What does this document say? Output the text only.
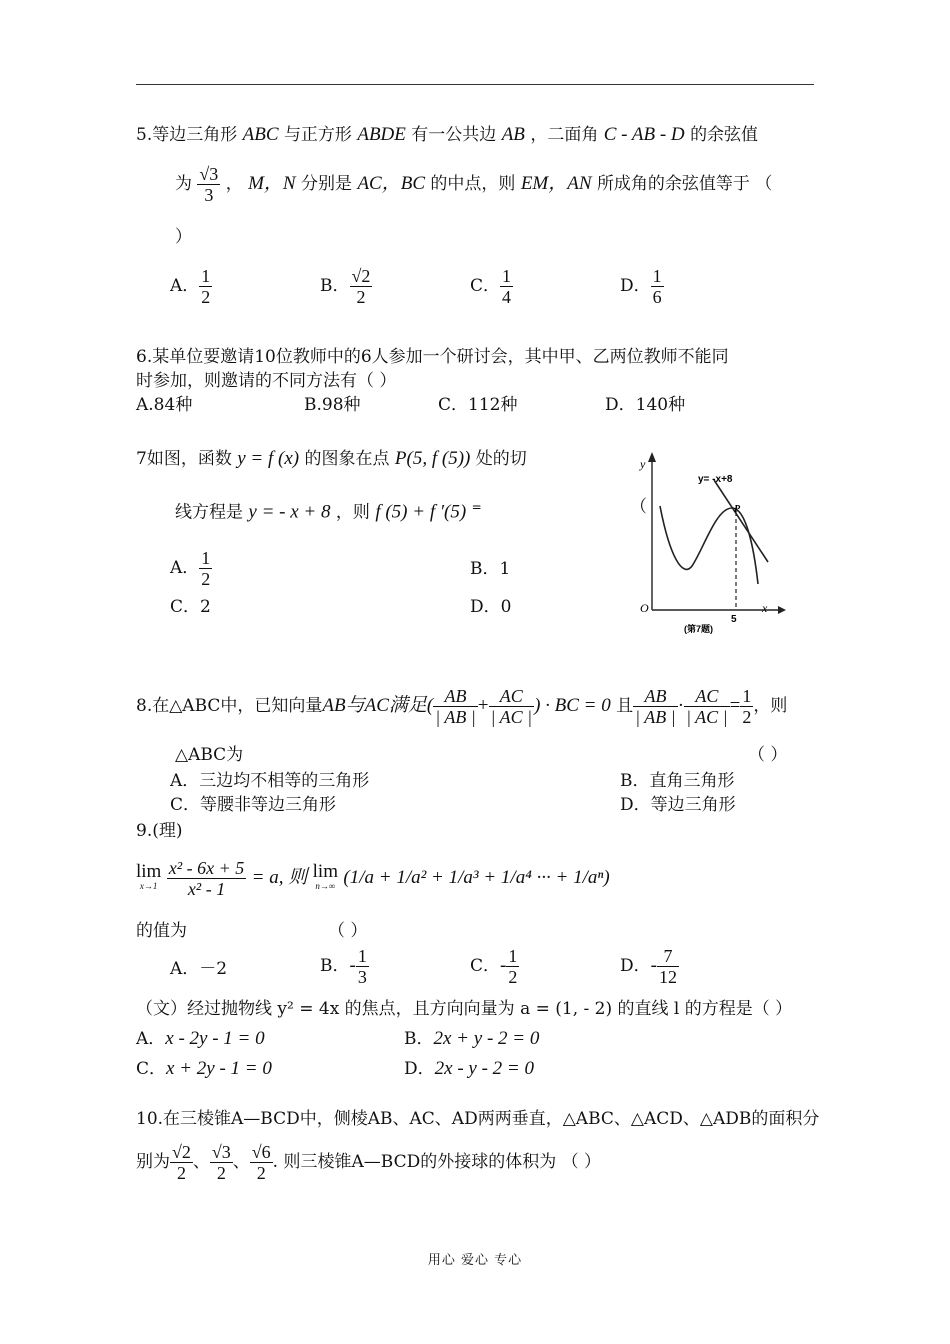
5.等边三角形 ABC 与正方形 ABDE 有一公共边 AB ，二面角 C - AB - D 的余弦值
为 $\frac{√3}{3}$ ， M，N 分别是 AC，BC 的中点，则 EM，AN 所成角的余弦值等于 （
）
A． $\frac{1}{2}$	B． $\frac{√2}{2}$	C． $\frac{1}{4}$	D． $\frac{1}{6}$
6.某单位要邀请10位教师中的6人参加一个研讨会，其中甲、乙两位教师不能同
时参加，则邀请的不同方法有（ ）
A.84种	B.98种	C．112种	D．140种
7如图，函数 y = f (x) 的图象在点 P(5, f (5)) 处的切
线方程是 y = - x + 8 ，则 f (5) + f ′(5) =	（
A． $\frac{1}{2}$	B．1
C．2	D．0
y
x
O
y= -x+8
P
5
(第7题)
8.在△ABC中，已知向量AB与AC满足( $\frac{AB}{| AB |} + \frac{AC}{| AC |}$ ) · BC = 0 且 $\frac{AB}{| AB |} \cdot \frac{AC}{| AC |} = \frac{1}{2}$ ，则
△ABC为	（ ）
A．三边均不相等的三角形	B．直角三角形
C．等腰非等边三角形	D．等边三角形
9.(理)
lim
x→1
$\frac{\text{x² - 6x + 5}}{\text{x² - 1}} = a$, 则 lim
n→∞ (1/a + 1/a² + 1/a³ + 1/a⁴ ··· + 1/aⁿ)
的值为	（ ）
A．－2	B．- $\frac{1}{3}$	C．- $\frac{1}{2}$	D．- $\frac{7}{12}$
（文）经过抛物线 y² = 4x 的焦点，且方向向量为 a = (1, - 2) 的直线 l 的方程是（ ）
A．x - 2y - 1 = 0	B．2x + y - 2 = 0
C．x + 2y - 1 = 0	D．2x - y - 2 = 0
10.在三棱锥A—BCD中，侧棱AB、AC、AD两两垂直，△ABC、△ACD、△ADB的面积分
别为 $\frac{√2}{2}$ 、 $\frac{√3}{2}$ 、 $\frac{√6}{2}$ . 则三棱锥A—BCD的外接球的体积为 （ ）
用心 爱心 专心
